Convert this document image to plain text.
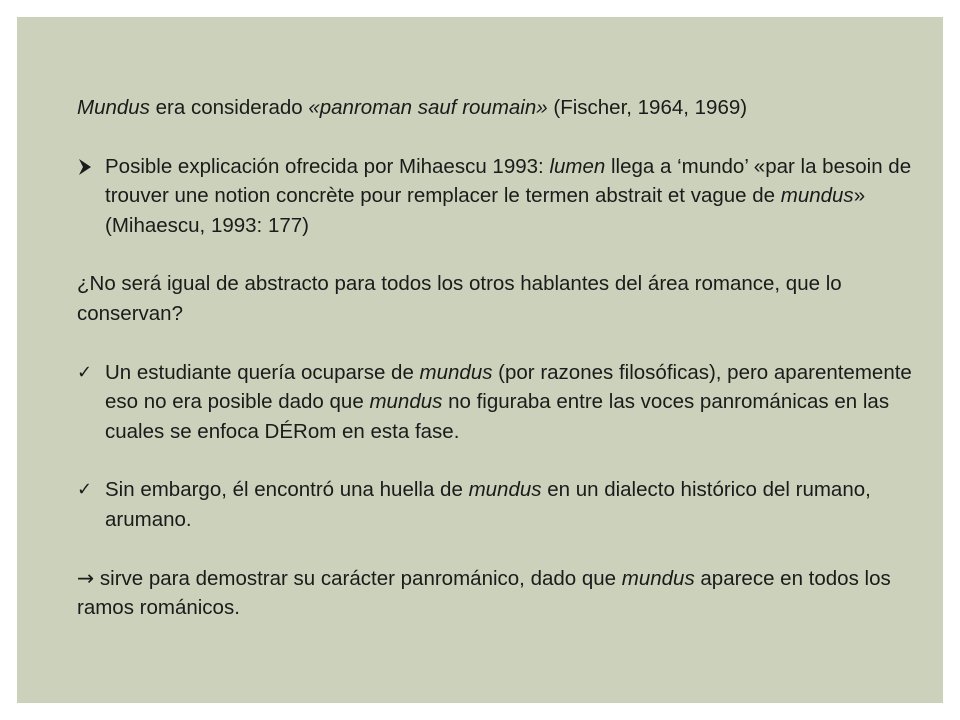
Mundus era considerado «panroman sauf roumain» (Fischer, 1964, 1969)

Posible explicación ofrecida por Mihaescu 1993: lumen llega a ‘mundo’ «par la besoin de trouver une notion concrète pour remplacer le termen abstrait et vague de mundus» (Mihaescu, 1993: 177)

¿No será igual de abstracto para todos los otros hablantes del área romance, que lo conservan?

✓ Un estudiante quería ocuparse de mundus (por razones filosóficas), pero aparentemente eso no era posible dado que mundus no figuraba entre las voces panrománicas en las cuales se enfoca DÉRom en esta fase.

✓ Sin embargo, él encontró una huella de mundus en un dialecto histórico del rumano, arumano.

→ sirve para demostrar su carácter panrománico, dado que mundus aparece en todos los ramos románicos.
